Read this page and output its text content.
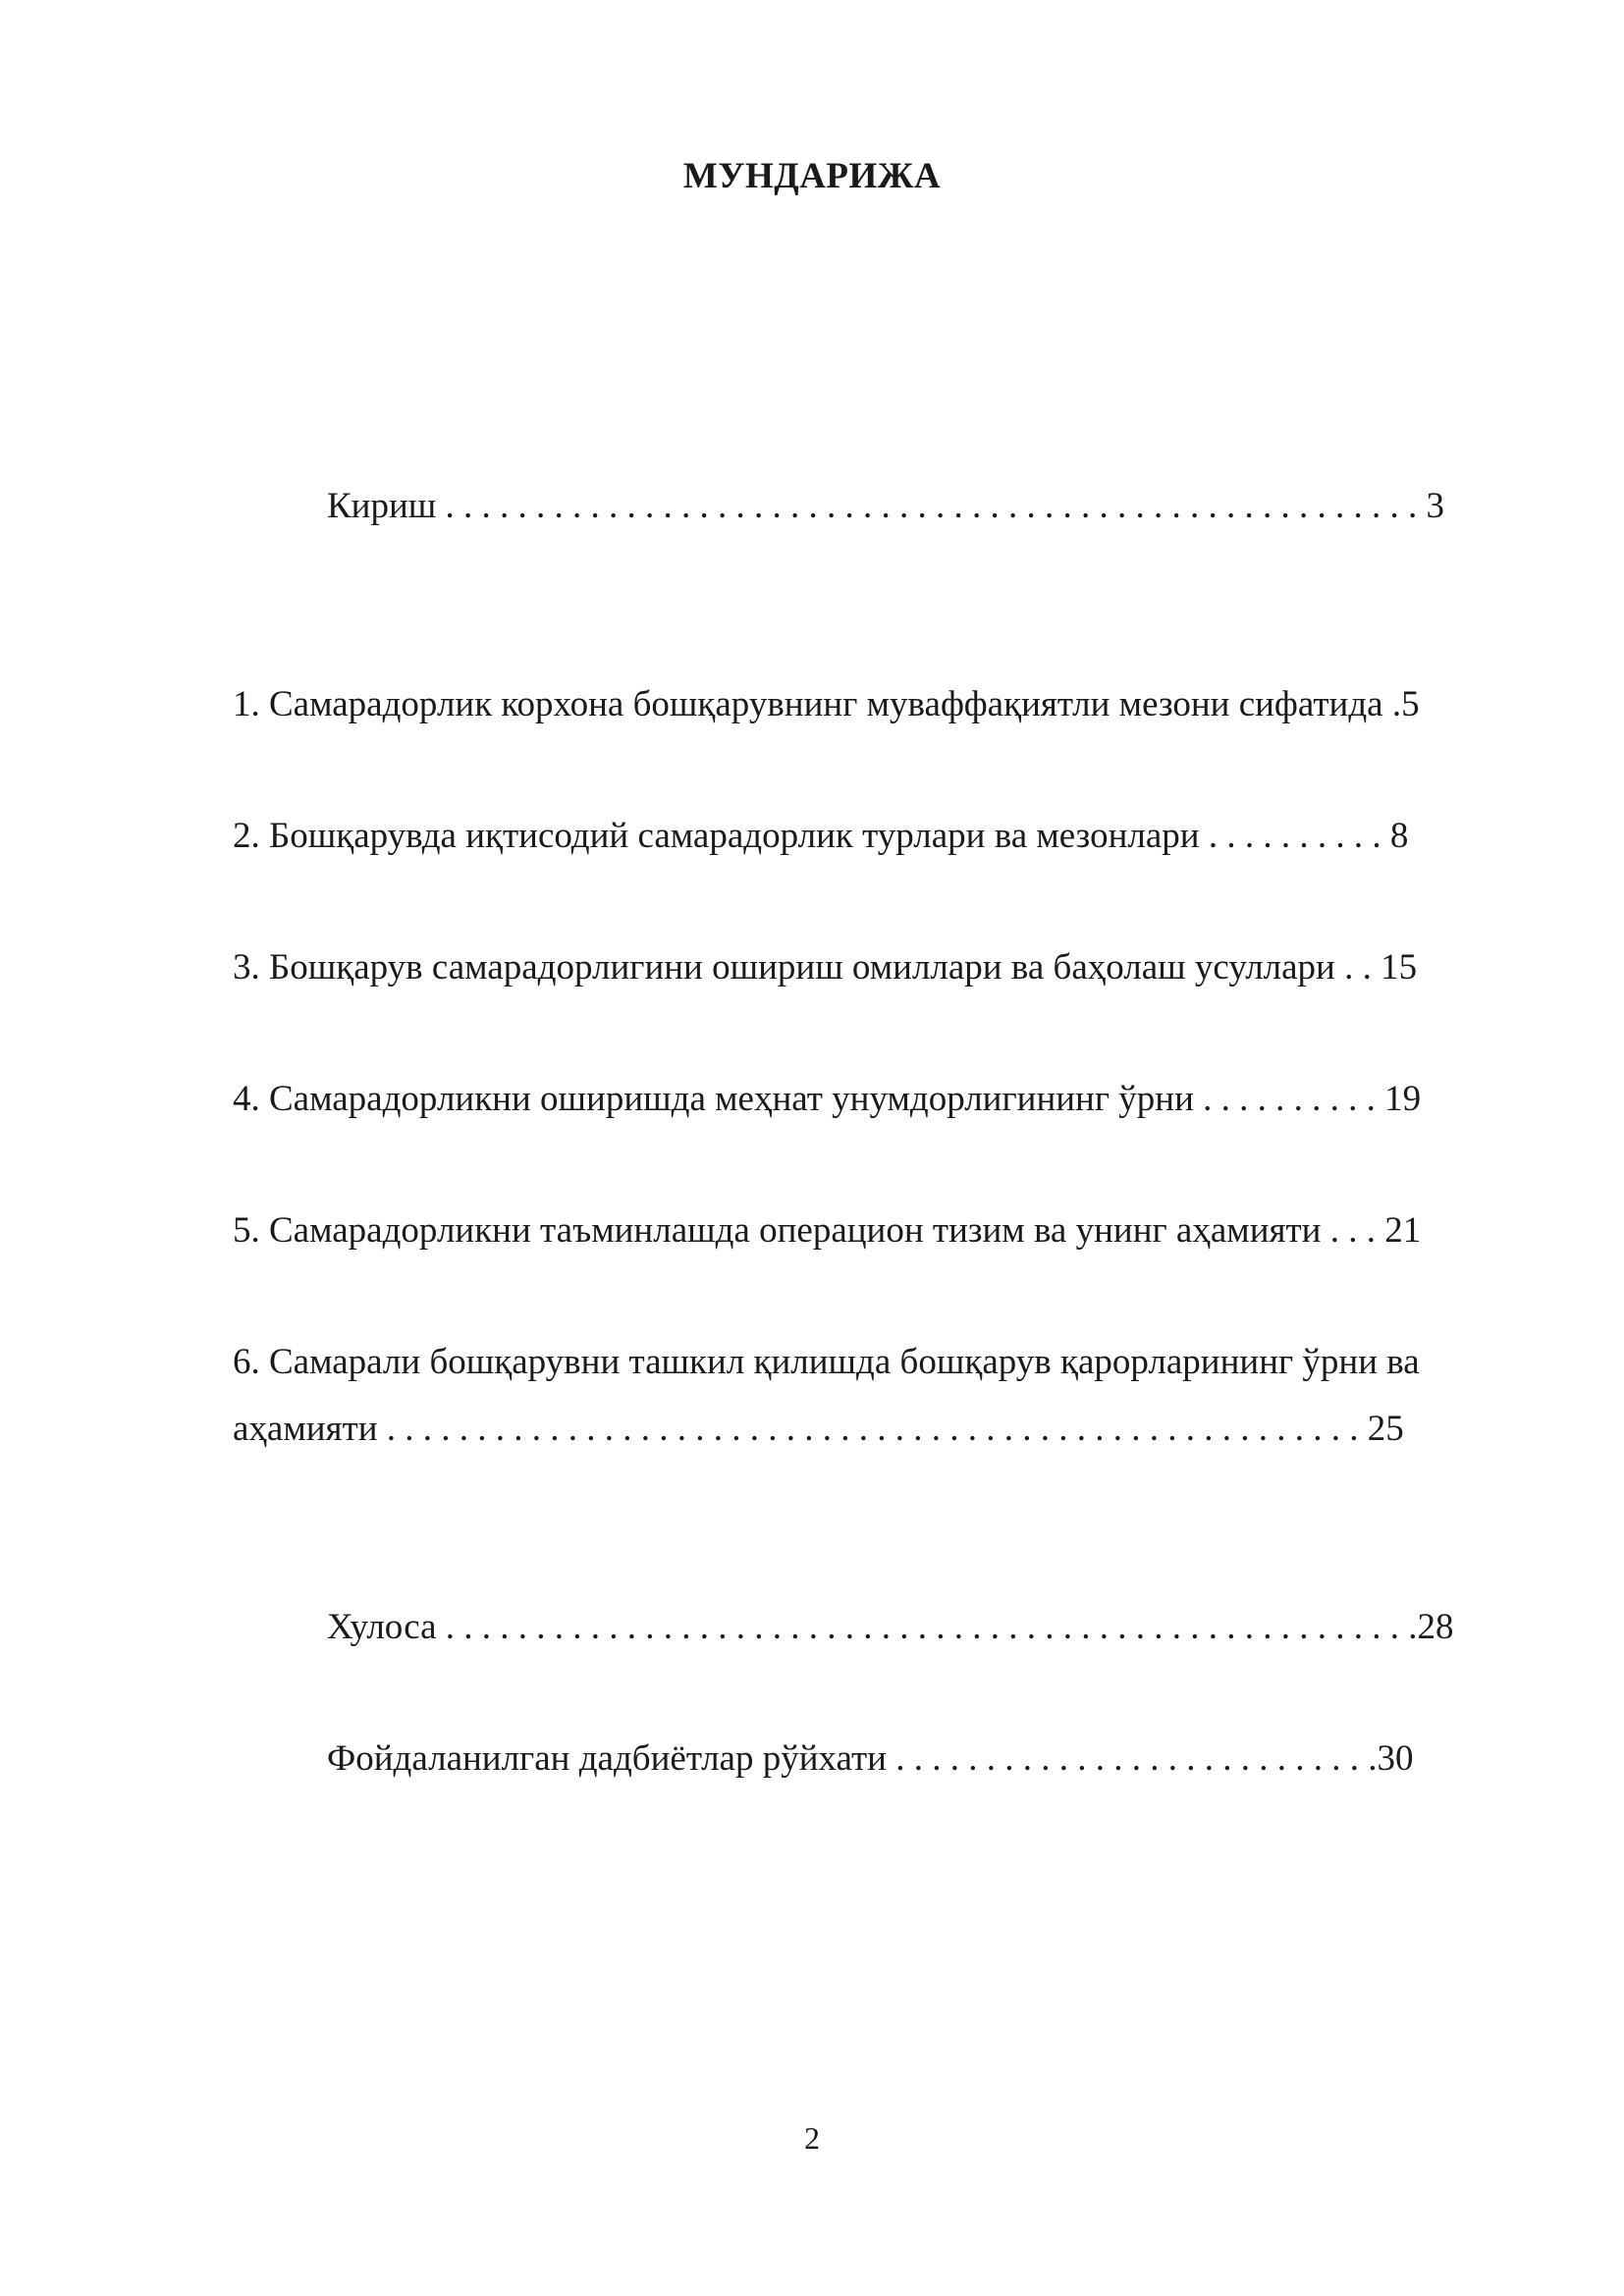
МУНДАРИЖА

Кириш . . . . . . . . . . . . . . . . . . . . . . . . . . . . . . . . . . . . . . . . . . . . . . . . . . . . . . 3

1. Самарадорлик корхона бошқарувнинг муваффақиятли мезони сифатида .5

2. Бошқарувда иқтисодий самарадорлик турлари ва мезонлари . . . . . . . . . . 8

3. Бошқарув самарадорлигини ошириш омиллари ва баҳолаш усуллари . . 15

4. Самарадорликни оширишда меҳнат унумдорлигининг ўрни . . . . . . . . . . 19

5. Самарадорликни таъминлашда операцион тизим ва унинг аҳамияти . . . 21

6. Самарали бошқарувни ташкил қилишда бошқарув қарорларининг ўрни ва

аҳамияти . . . . . . . . . . . . . . . . . . . . . . . . . . . . . . . . . . . . . . . . . . . . . . . . . . . . . . 25

Хулоса . . . . . . . . . . . . . . . . . . . . . . . . . . . . . . . . . . . . . . . . . . . . . . . . . . . . . .28

Фойдаланилган дадбиётлар рўйхати . . . . . . . . . . . . . . . . . . . . . . . . . . .30

2
